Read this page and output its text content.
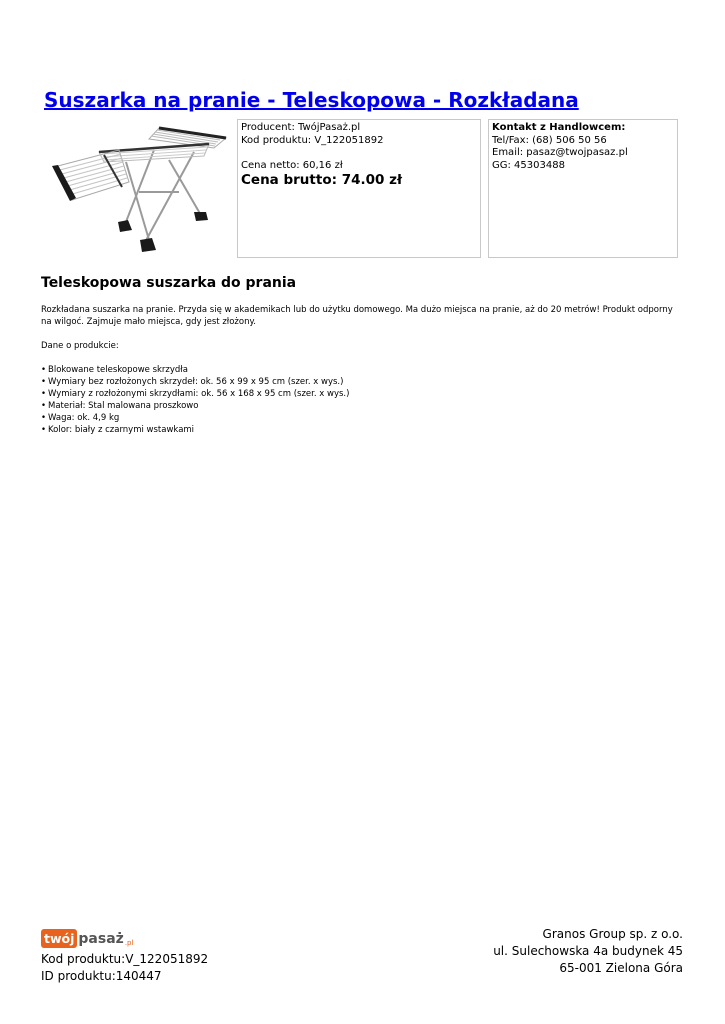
Suszarka na pranie - Teleskopowa - Rozkładana
Producent: TwójPasaż.pl
Kod produktu: V_122051892
Cena netto: 60,16 zł
Cena brutto: 74.00 zł
Kontakt z Handlowcem:
Tel/Fax: (68) 506 50 56
Email: pasaz@twojpasaz.pl
GG: 45303488
Teleskopowa suszarka do prania

Rozkładana suszarka na pranie. Przyda się w akademikach lub do użytku domowego. Ma dużo miejsca na pranie, aż do 20 metrów! Produkt odporny na wilgoć. Zajmuje mało miejsca, gdy jest złożony.

Dane o produkcie:

• Blokowane teleskopowe skrzydła
• Wymiary bez rozłożonych skrzydeł: ok. 56 x 99 x 95 cm (szer. x wys.)
• Wymiary z rozłożonymi skrzydłami: ok. 56 x 168 x 95 cm (szer. x wys.)
• Materiał: Stal malowana proszkowo
• Waga: ok. 4,9 kg
• Kolor: biały z czarnymi wstawkami
twój pasaż .pl
Kod produktu:V_122051892
ID produktu:140447
Granos Group sp. z o.o.
ul. Sulechowska 4a budynek 45
65-001 Zielona Góra
